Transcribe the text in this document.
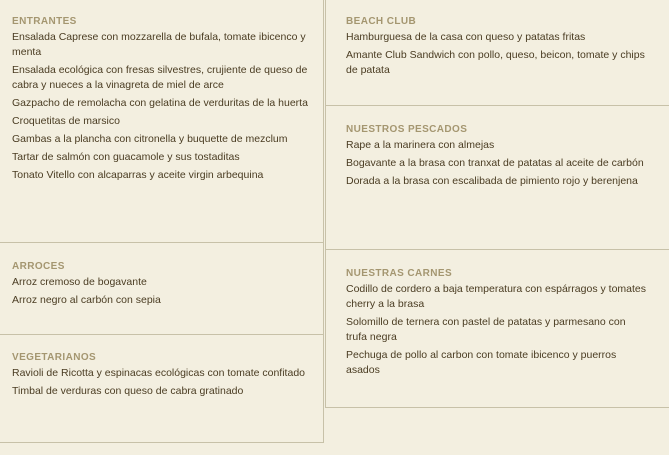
ENTRANTES
Ensalada Caprese con mozzarella de bufala, tomate ibicenco y menta
Ensalada ecológica con fresas silvestres, crujiente de queso de cabra y nueces a la vinagreta de miel de arce
Gazpacho de remolacha con gelatina de verduritas de la huerta
Croquetitas de marsico
Gambas a la plancha con citronella y buquette de mezclum
Tartar de salmón con guacamole y sus tostaditas
Tonato Vitello con alcaparras y aceite virgin arbequina
ARROCES
Arroz cremoso de bogavante
Arroz negro al carbón con sepia
VEGETARIANOS
Ravioli de Ricotta y espinacas ecológicas con tomate confitado
Timbal de verduras con queso de cabra gratinado
BEACH CLUB
Hamburguesa de la casa con queso y patatas fritas
Amante Club Sandwich con pollo, queso, beicon, tomate y chips de patata
NUESTROS PESCADOS
Rape a la marinera con almejas
Bogavante a la brasa con tranxat de patatas al aceite de carbón
Dorada a la brasa con escalibada de pimiento rojo y berenjena
NUESTRAS CARNES
Codillo de cordero a baja temperatura con espárragos y tomates cherry a la brasa
Solomillo de ternera con pastel de patatas y parmesano con trufa negra
Pechuga de pollo al carbon con tomate ibicenco y puerros asados
